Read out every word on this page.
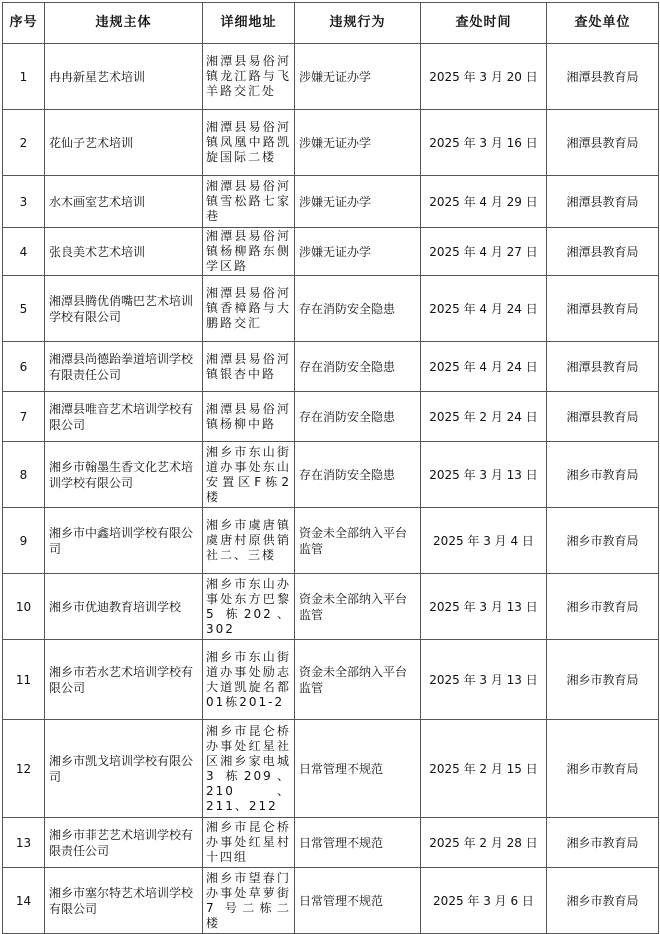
序号	违规主体	详细地址	违规行为	查处时间	查处单位
1	冉冉新星艺术培训	湘潭县易俗河镇龙江路与飞羊路交汇处	涉嫌无证办学	2025 年 3 月 20 日	湘潭县教育局
2	花仙子艺术培训	湘潭县易俗河镇凤凰中路凯旋国际二楼	涉嫌无证办学	2025 年 3 月 16 日	湘潭县教育局
3	水木画室艺术培训	湘潭县易俗河镇雪松路七家巷	涉嫌无证办学	2025 年 4 月 29 日	湘潭县教育局
4	张良美术艺术培训	湘潭县易俗河镇杨柳路东侧学区路	涉嫌无证办学	2025 年 4 月 27 日	湘潭县教育局
5	湘潭县腾优俏嘴巴艺术培训学校有限公司	湘潭县易俗河镇香樟路与大鹏路交汇	存在消防安全隐患	2025 年 4 月 24 日	湘潭县教育局
6	湘潭县尚德跆拳道培训学校有限责任公司	湘潭县易俗河镇银杏中路	存在消防安全隐患	2025 年 4 月 24 日	湘潭县教育局
7	湘潭县唯音艺术培训学校有限公司	湘潭县易俗河镇杨柳中路	存在消防安全隐患	2025 年 2 月 24 日	湘潭县教育局
8	湘乡市翰墨生香文化艺术培训学校有限公司	湘乡市东山街道办事处东山安置区F栋2楼	存在消防安全隐患	2025 年 3 月 13 日	湘乡市教育局
9	湘乡市中鑫培训学校有限公司	湘乡市虞唐镇虞唐村原供销社二、三楼	资金未全部纳入平台监管	2025 年 3 月 4 日	湘乡市教育局
10	湘乡市优迪教育培训学校	湘乡市东山办事处东方巴黎 5 栋202、302	资金未全部纳入平台监管	2025 年 3 月 13 日	湘乡市教育局
11	湘乡市若水艺术培训学校有限公司	湘乡市东山街道办事处励志大道凯旋名都01栋201-2	资金未全部纳入平台监管	2025 年 3 月 13 日	湘乡市教育局
12	湘乡市凯戈培训学校有限公司	湘乡市昆仑桥办事处红星社区湘乡家电城 3 栋209、210、211、212	日常管理不规范	2025 年 2 月 15 日	湘乡市教育局
13	湘乡市菲艺艺术培训学校有限责任公司	湘乡市昆仑桥办事处红星村十四组	日常管理不规范	2025 年 2 月 28 日	湘乡市教育局
14	湘乡市塞尔特艺术培训学校有限公司	湘乡市望春门办事处草萝街 7 号二栋二楼	日常管理不规范	2025 年 3 月 6 日	湘乡市教育局
